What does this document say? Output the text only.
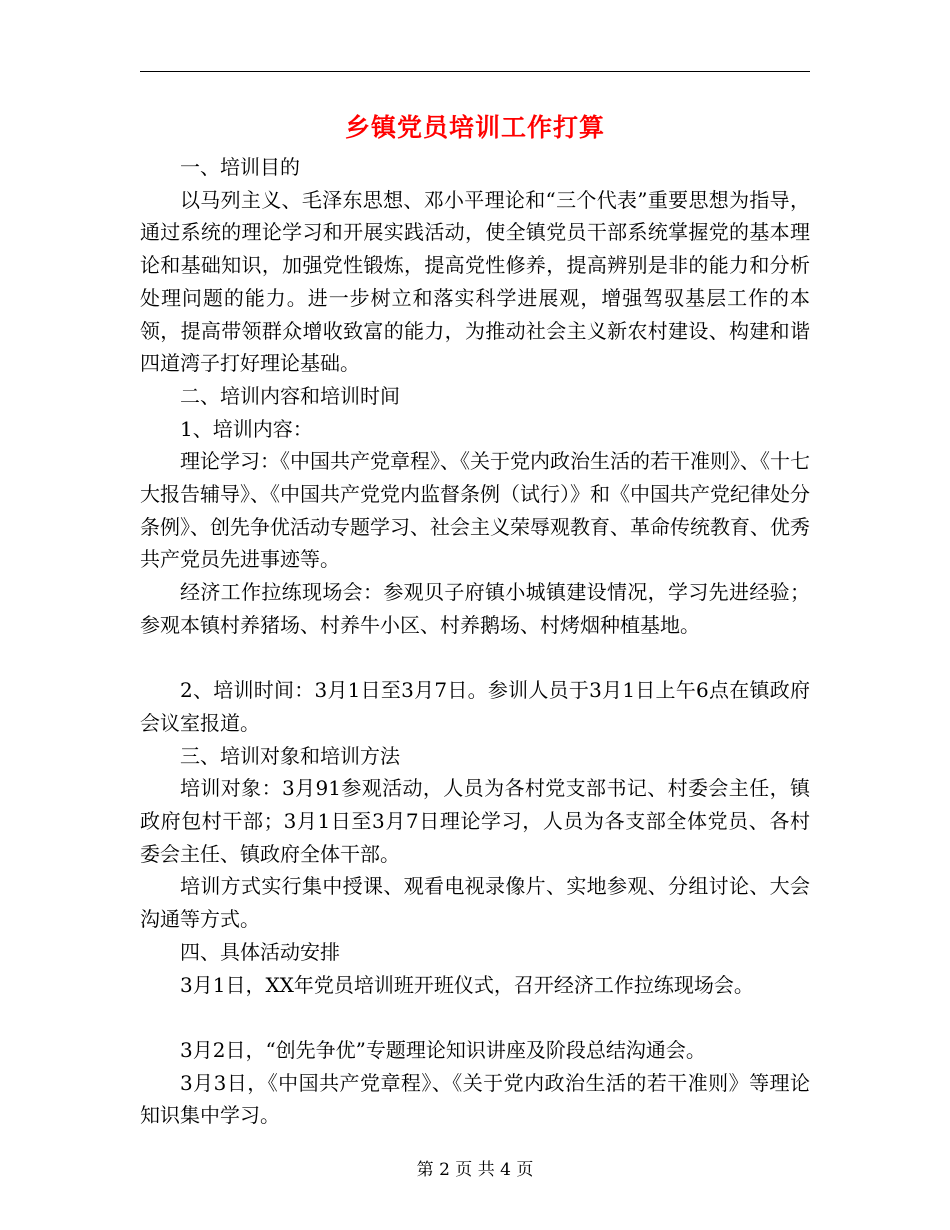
乡镇党员培训工作打算

一、培训目的

以马列主义、毛泽东思想、邓小平理论和“三个代表”重要思想为指导，通过系统的理论学习和开展实践活动，使全镇党员干部系统掌握党的基本理论和基础知识，加强党性锻炼，提高党性修养，提高辨别是非的能力和分析处理问题的能力。进一步树立和落实科学进展观，增强驾驭基层工作的本领，提高带领群众增收致富的能力，为推动社会主义新农村建设、构建和谐四道湾子打好理论基础。

二、培训内容和培训时间

1、培训内容：

理论学习：《中国共产党章程》、《关于党内政治生活的若干准则》、《十七大报告辅导》、《中国共产党党内监督条例（试行）》和《中国共产党纪律处分条例》、创先争优活动专题学习、社会主义荣辱观教育、革命传统教育、优秀共产党员先进事迹等。

经济工作拉练现场会：参观贝子府镇小城镇建设情况，学习先进经验；参观本镇村养猪场、村养牛小区、村养鹅场、村烤烟种植基地。

2、培训时间：3月1日至3月7日。参训人员于3月1日上午6点在镇政府会议室报道。

三、培训对象和培训方法

培训对象：3月91参观活动，人员为各村党支部书记、村委会主任，镇政府包村干部；3月1日至3月7日理论学习，人员为各支部全体党员、各村委会主任、镇政府全体干部。

培训方式实行集中授课、观看电视录像片、实地参观、分组讨论、大会沟通等方式。

四、具体活动安排

3月1日，XX年党员培训班开班仪式，召开经济工作拉练现场会。

3月2日，“创先争优”专题理论知识讲座及阶段总结沟通会。

3月3日，《中国共产党章程》、《关于党内政治生活的若干准则》等理论知识集中学习。

第 2 页 共 4 页
